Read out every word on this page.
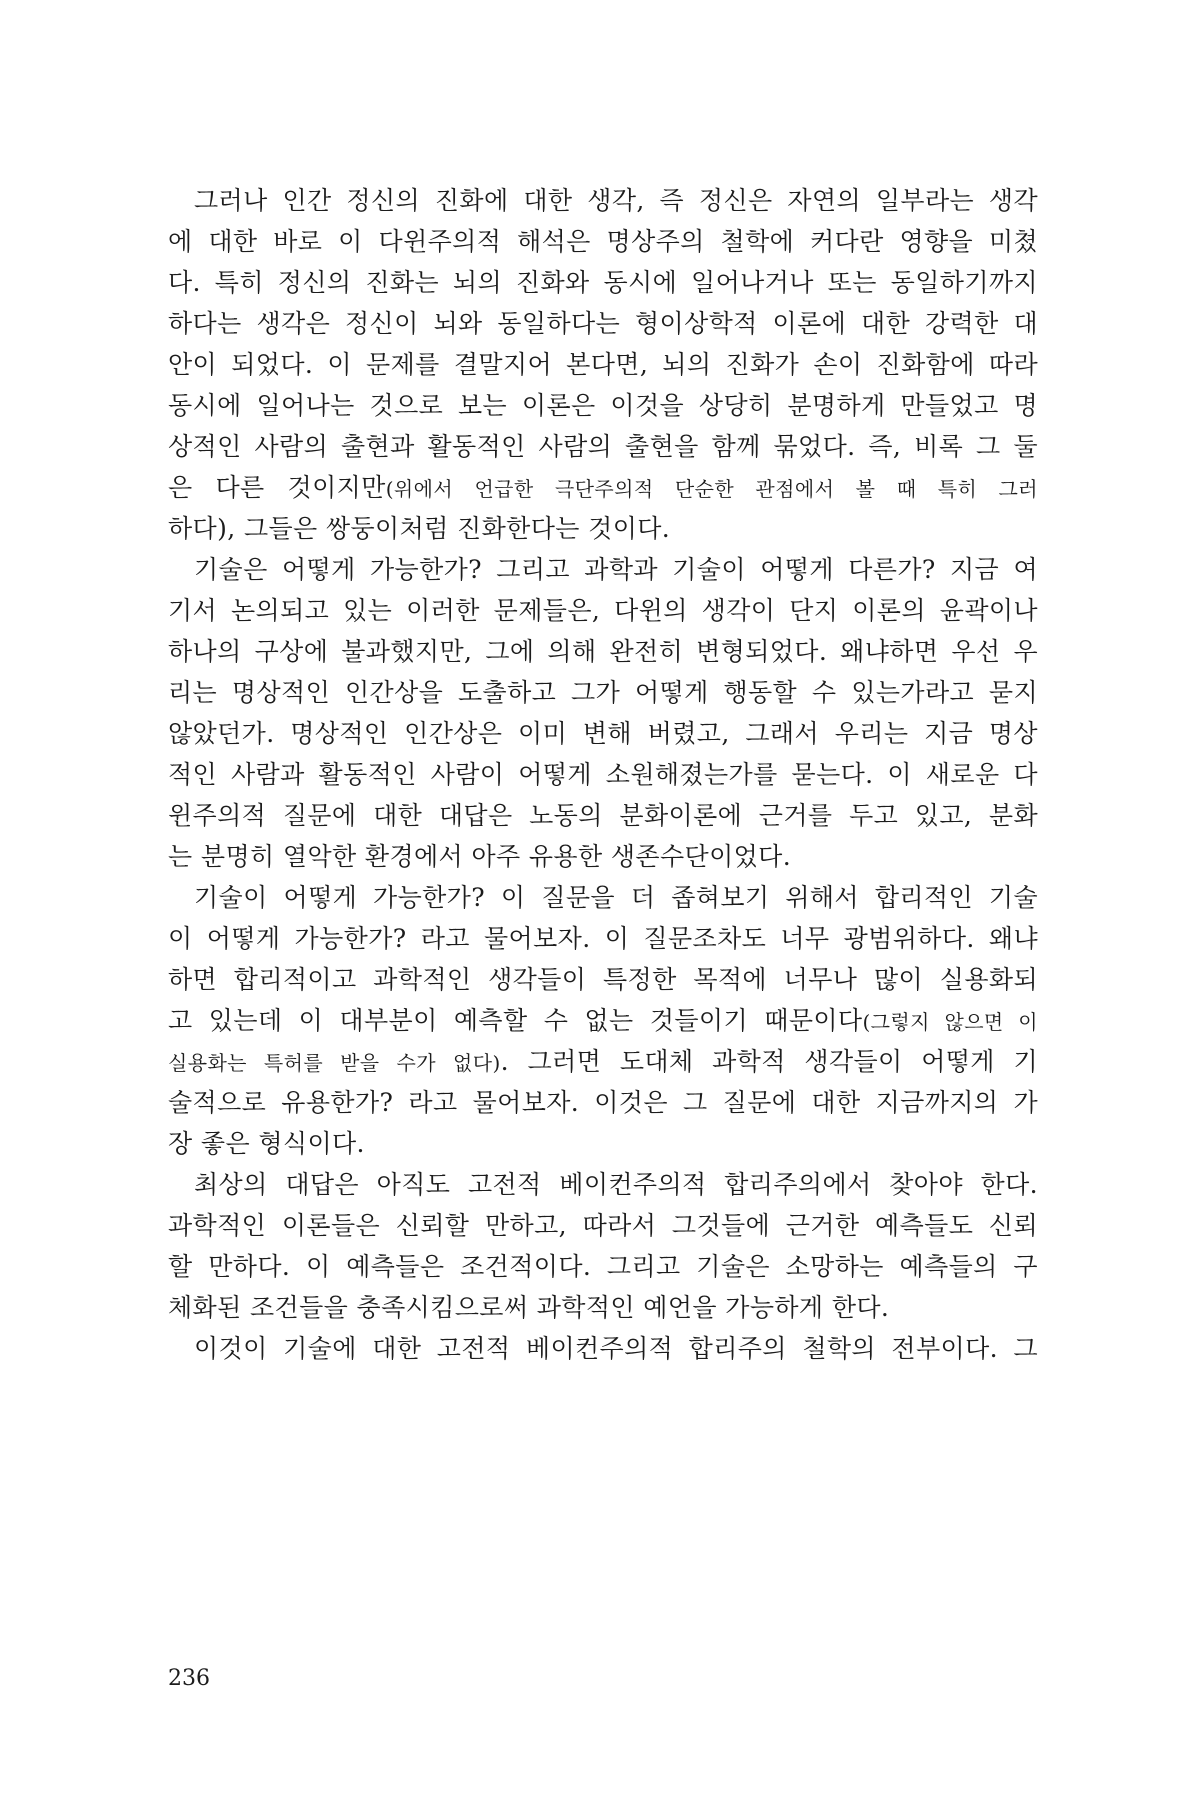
그러나 인간 정신의 진화에 대한 생각, 즉 정신은 자연의 일부라는 생각
에 대한 바로 이 다윈주의적 해석은 명상주의 철학에 커다란 영향을 미쳤
다. 특히 정신의 진화는 뇌의 진화와 동시에 일어나거나 또는 동일하기까지
하다는 생각은 정신이 뇌와 동일하다는 형이상학적 이론에 대한 강력한 대
안이 되었다. 이 문제를 결말지어 본다면, 뇌의 진화가 손이 진화함에 따라
동시에 일어나는 것으로 보는 이론은 이것을 상당히 분명하게 만들었고 명
상적인 사람의 출현과 활동적인 사람의 출현을 함께 묶었다. 즉, 비록 그 둘
은 다른 것이지만(위에서 언급한 극단주의적 단순한 관점에서 볼 때 특히 그러
하다), 그들은 쌍둥이처럼 진화한다는 것이다.
기술은 어떻게 가능한가? 그리고 과학과 기술이 어떻게 다른가? 지금 여
기서 논의되고 있는 이러한 문제들은, 다윈의 생각이 단지 이론의 윤곽이나
하나의 구상에 불과했지만, 그에 의해 완전히 변형되었다. 왜냐하면 우선 우
리는 명상적인 인간상을 도출하고 그가 어떻게 행동할 수 있는가라고 묻지
않았던가. 명상적인 인간상은 이미 변해 버렸고, 그래서 우리는 지금 명상
적인 사람과 활동적인 사람이 어떻게 소원해졌는가를 묻는다. 이 새로운 다
윈주의적 질문에 대한 대답은 노동의 분화이론에 근거를 두고 있고, 분화
는 분명히 열악한 환경에서 아주 유용한 생존수단이었다.
기술이 어떻게 가능한가? 이 질문을 더 좁혀보기 위해서 합리적인 기술
이 어떻게 가능한가? 라고 물어보자. 이 질문조차도 너무 광범위하다. 왜냐
하면 합리적이고 과학적인 생각들이 특정한 목적에 너무나 많이 실용화되
고 있는데 이 대부분이 예측할 수 없는 것들이기 때문이다(그렇지 않으면 이
실용화는 특허를 받을 수가 없다). 그러면 도대체 과학적 생각들이 어떻게 기
술적으로 유용한가? 라고 물어보자. 이것은 그 질문에 대한 지금까지의 가
장 좋은 형식이다.
최상의 대답은 아직도 고전적 베이컨주의적 합리주의에서 찾아야 한다.
과학적인 이론들은 신뢰할 만하고, 따라서 그것들에 근거한 예측들도 신뢰
할 만하다. 이 예측들은 조건적이다. 그리고 기술은 소망하는 예측들의 구
체화된 조건들을 충족시킴으로써 과학적인 예언을 가능하게 한다.
이것이 기술에 대한 고전적 베이컨주의적 합리주의 철학의 전부이다. 그
236
